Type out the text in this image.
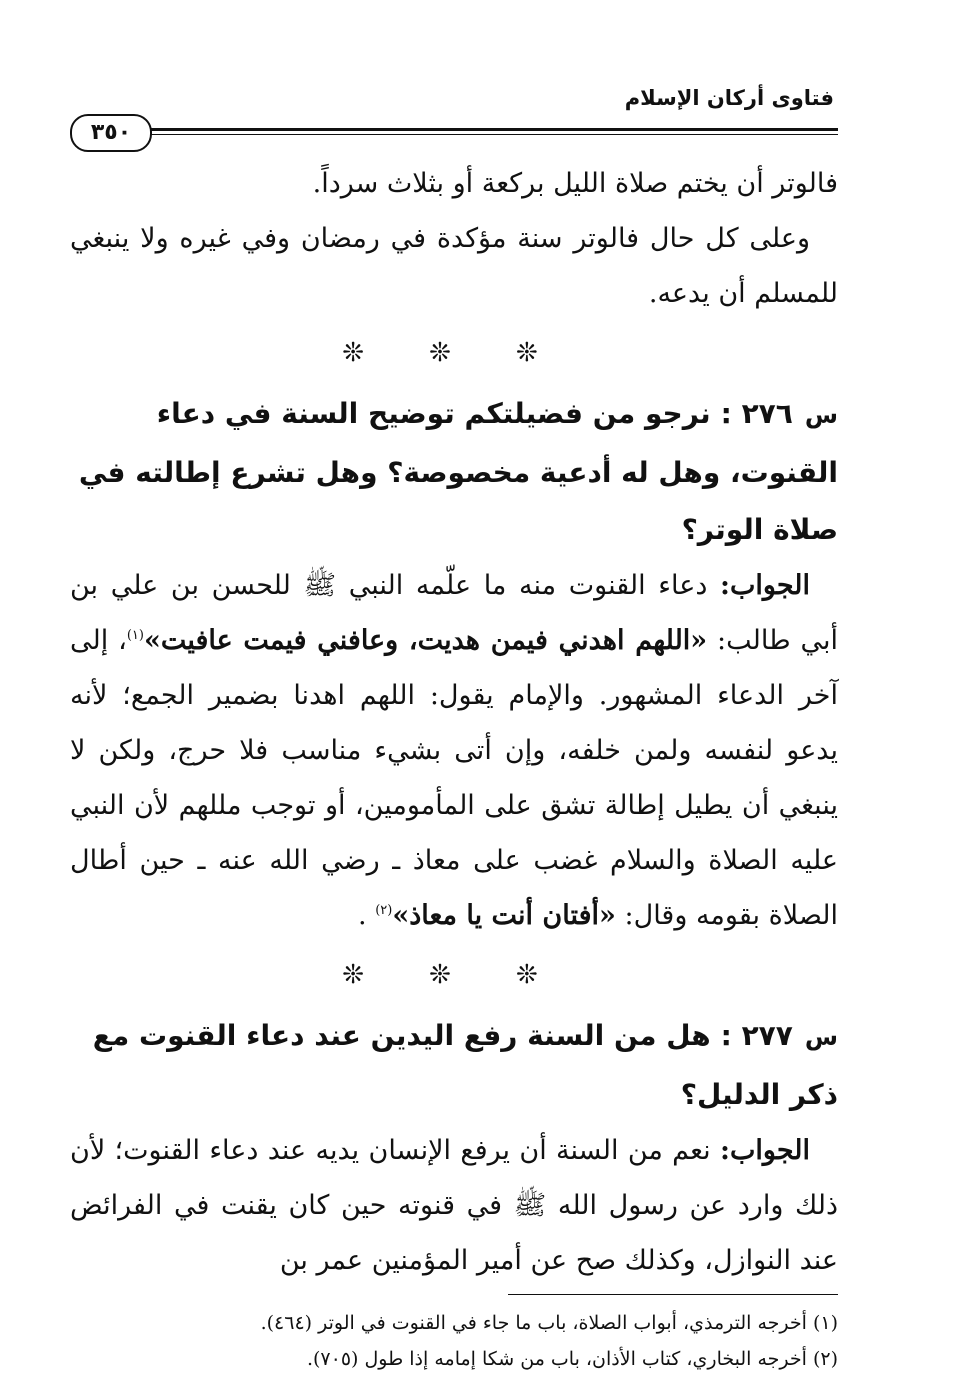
فتاوى أركان الإسلام
٣٥٠

فالوتر أن يختم صلاة الليل بركعة أو بثلاث سرداً.

وعلى كل حال فالوتر سنة مؤكدة في رمضان وفي غيره ولا ينبغي للمسلم أن يدعه.

❊ ❊ ❊
س٢٧٦ :نرجو من فضيلتكم توضيح السنة في دعاء القنوت، وهل له أدعية مخصوصة؟ وهل تشرع إطالته في صلاة الوتر؟

الجواب: دعاء القنوت منه ما علّمه النبي ﷺ للحسن بن علي بن أبي طالب: «اللهم اهدني فيمن هديت، وعافني فيمت عافيت»$^{(١)}$، إلى آخر الدعاء المشهور. والإمام يقول: اللهم اهدنا بضمير الجمع؛ لأنه يدعو لنفسه ولمن خلفه، وإن أتى بشيء مناسب فلا حرج، ولكن لا ينبغي أن يطيل إطالة تشق على المأمومين، أو توجب مللهم لأن النبي عليه الصلاة والسلام غضب على معاذ ـ رضي الله عنه ـ حين أطال الصلاة بقومه وقال: «أفتان أنت يا معاذ»$^{(٢)}$ .

❊ ❊ ❊
س٢٧٧ :هل من السنة رفع اليدين عند دعاء القنوت مع ذكر الدليل؟

الجواب: نعم من السنة أن يرفع الإنسان يديه عند دعاء القنوت؛ لأن ذلك وارد عن رسول الله ﷺ في قنوته حين كان يقنت في الفرائض عند النوازل، وكذلك صح عن أمير المؤمنين عمر بن

(١) أخرجه الترمذي، أبواب الصلاة، باب ما جاء في القنوت في الوتر (٤٦٤).
(٢) أخرجه البخاري، كتاب الأذان، باب من شكا إمامه إذا طول (٧٠٥).
